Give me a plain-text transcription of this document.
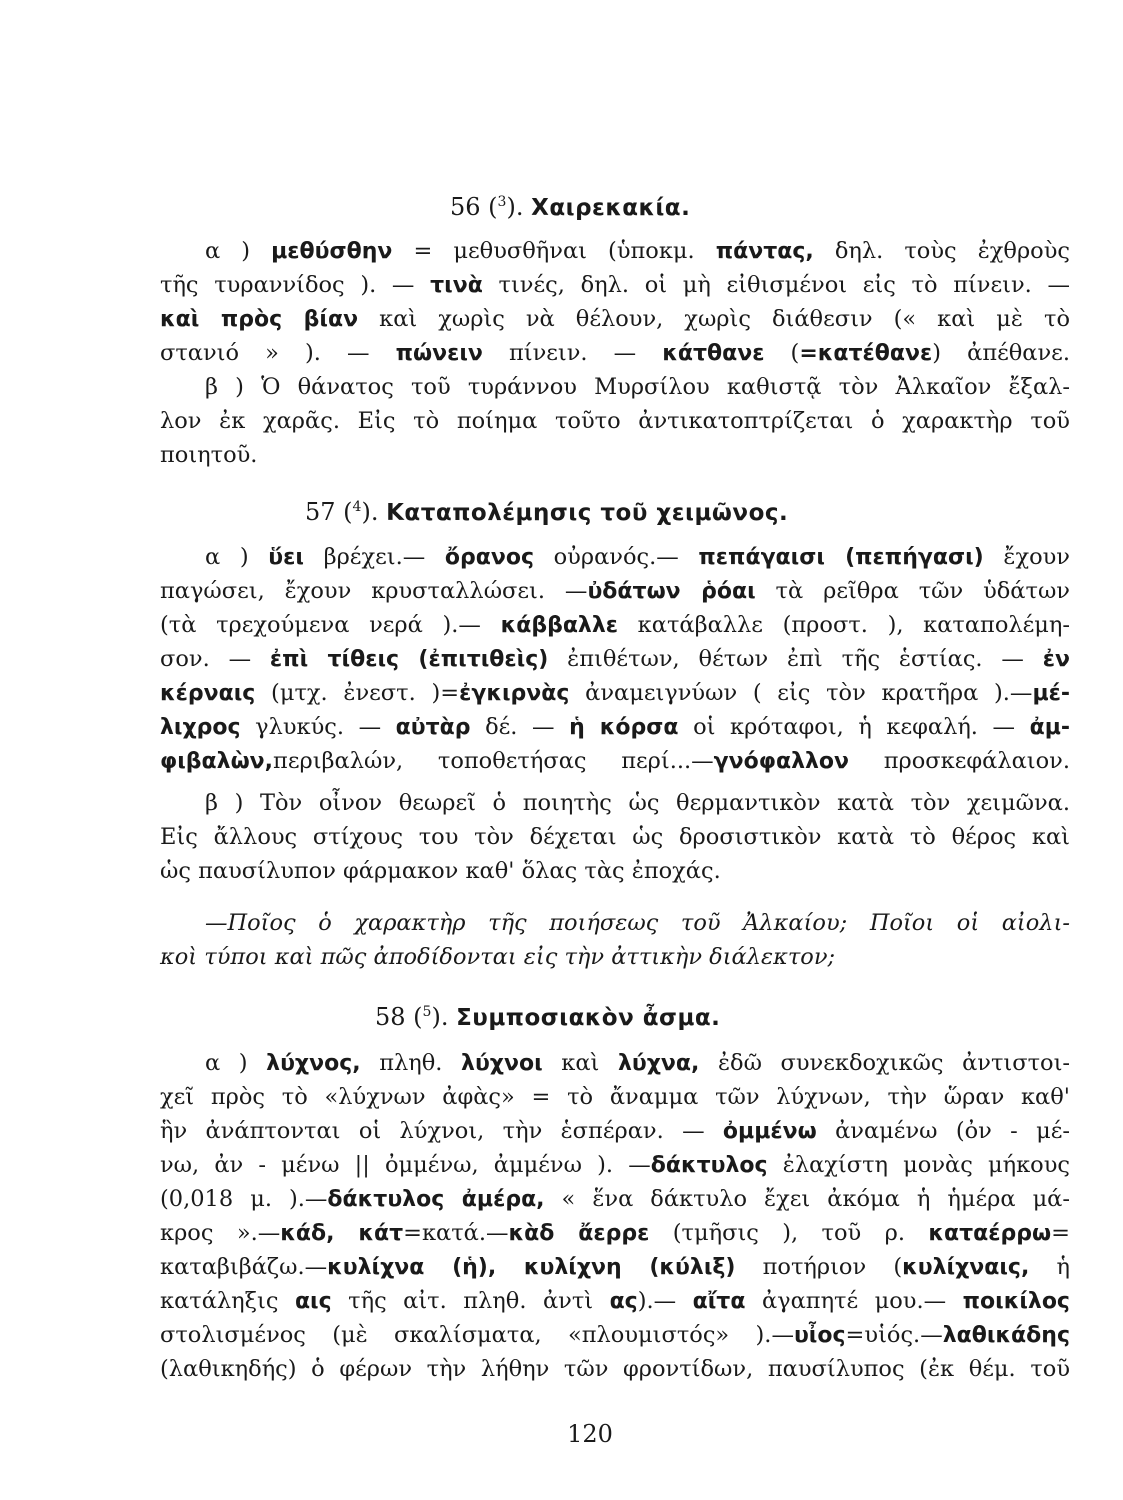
56 ($^3$). Χαιρεκακία.
α ) μεθύσθην = μεθυσθῆναι (ὑποκμ. πάντας, δηλ. τοὺς ἐχθροὺς
τῆς τυραννίδος ). — τινὰ τινές, δηλ. οἱ μὴ εἰθισμένοι εἰς τὸ πίνειν. —
καὶ πρὸς βίαν καὶ χωρὶς νὰ θέλουν, χωρὶς διάθεσιν (« καὶ μὲ τὸ
στανιό » ). — πώνειν πίνειν. — κάτθανε (=κατέθανε) ἀπέθανε.
β ) Ὁ θάνατος τοῦ τυράννου Μυρσίλου καθιστᾷ τὸν Ἀλκαῖον ἔξαλ-
λον ἐκ χαρᾶς. Εἰς τὸ ποίημα τοῦτο ἀντικατοπτρίζεται ὁ χαρακτὴρ τοῦ
ποιητοῦ.
57 ($^4$). Καταπολέμησις τοῦ χειμῶνος.
α ) ὕει βρέχει.— ὄρανος οὐρανός.— πεπάγαισι (πεπήγασι) ἔχουν
παγώσει, ἔχουν κρυσταλλώσει. —ὐδάτων ῥόαι τὰ ρεῖθρα τῶν ὑδάτων
(τὰ τρεχούμενα νερά ).— κάββαλλε κατάβαλλε (προστ. ), καταπολέμη-
σον. — ἐπὶ τίθεις (ἐπιτιθεὶς) ἐπιθέτων, θέτων ἐπὶ τῆς ἑστίας. — ἐν
κέρναις (μτχ. ἐνεστ. )=ἐγκιρνὰς ἀναμειγνύων ( εἰς τὸν κρατῆρα ).—μέ-
λιχρος γλυκύς. — αὐτὰρ δέ. — ἡ κόρσα οἱ κρόταφοι, ἡ κεφαλή. — ἀμ-
φιβαλὼν,περιβαλών, τοποθετήσας περί...—γνόφαλλον προσκεφάλαιον.
β ) Τὸν οἶνον θεωρεῖ ὁ ποιητὴς ὡς θερμαντικὸν κατὰ τὸν χειμῶνα.
Εἰς ἄλλους στίχους του τὸν δέχεται ὡς δροσιστικὸν κατὰ τὸ θέρος καὶ
ὡς παυσίλυπον φάρμακον καθ' ὅλας τὰς ἐποχάς.
—Ποῖος ὁ χαρακτὴρ τῆς ποιήσεως τοῦ Ἀλκαίου; Ποῖοι οἱ αἰολι-
κοὶ τύποι καὶ πῶς ἀποδίδονται εἰς τὴν ἀττικὴν διάλεκτον;
58 ($^5$). Συμποσιακὸν ἆσμα.
α ) λύχνος, πληθ. λύχνοι καὶ λύχνα, ἐδῶ συνεκδοχικῶς ἀντιστοι-
χεῖ πρὸς τὸ «λύχνων ἀφὰς» = τὸ ἄναμμα τῶν λύχνων, τὴν ὥραν καθ'
ἣν ἀνάπτονται οἱ λύχνοι, τὴν ἑσπέραν. — ὀμμένω ἀναμένω (ὀν - μέ-
νω, ἀν - μένω || ὀμμένω, ἀμμένω ). —δάκτυλος ἐλαχίστη μονὰς μήκους
(0,018 μ. ).—δάκτυλος ἀμέρα, « ἕνα δάκτυλο ἔχει ἀκόμα ἡ ἡμέρα μά-
κρος ».—κάδ, κάτ=κατά.—κὰδ ἄερρε (τμῆσις ), τοῦ ρ. καταέρρω=
καταβιβάζω.—κυλίχνα (ἡ), κυλίχνη (κύλιξ) ποτήριον (κυλίχναις, ἡ
κατάληξις αις τῆς αἰτ. πληθ. ἀντὶ ας).— αἴτα ἀγαπητέ μου.— ποικίλος
στολισμένος (μὲ σκαλίσματα, «πλουμιστός» ).—υἶος=υἱός.—λαθικάδης
(λαθικηδής) ὁ φέρων τὴν λήθην τῶν φροντίδων, παυσίλυπος (ἐκ θέμ. τοῦ
120
